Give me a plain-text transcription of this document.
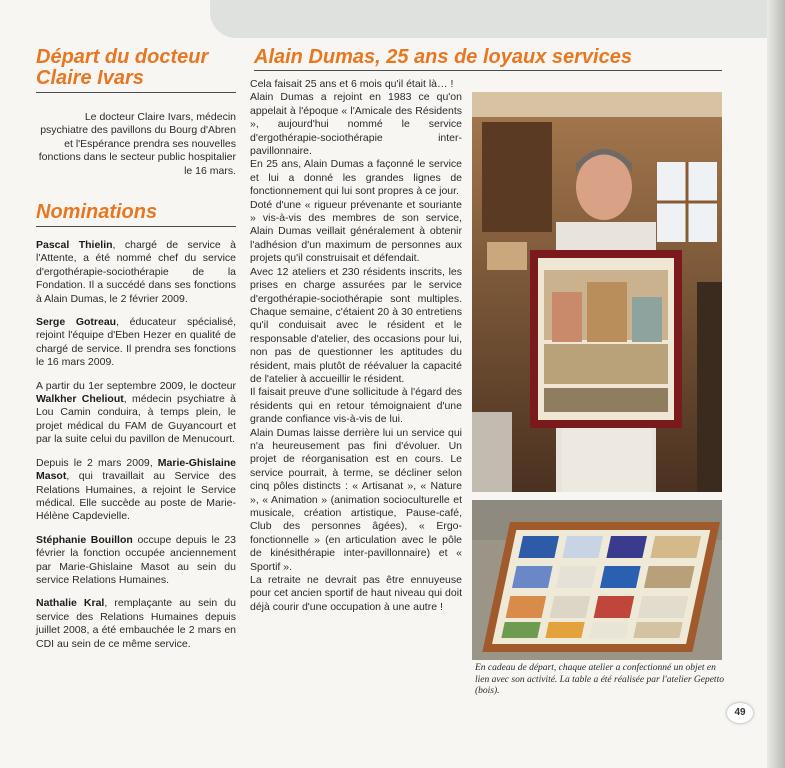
Départ du docteur Claire Ivars

Le docteur Claire Ivars, médecin psychiatre des pavillons du Bourg d'Abren et l'Espérance prendra ses nouvelles fonctions dans le secteur public hospitalier le 16 mars.

Nominations

Pascal Thielin, chargé de service à l'Attente, a été nommé chef du service d'ergothérapie-sociothérapie de la Fondation. Il a succédé dans ses fonctions à Alain Dumas, le 2 février 2009.

Serge Gotreau, éducateur spécialisé, rejoint l'équipe d'Eben Hezer en qualité de chargé de service. Il prendra ses fonctions le 16 mars 2009.

A partir du 1er septembre 2009, le docteur Walkher Cheliout, médecin psychiatre à Lou Camin conduira, à temps plein, le projet médical du FAM de Guyancourt et par la suite celui du pavillon de Menucourt.

Depuis le 2 mars 2009, Marie-Ghislaine Masot, qui travaillait au Service des Relations Humaines, a rejoint le Service médical. Elle succède au poste de Marie-Hélène Capdevielle.

Stéphanie Bouillon occupe depuis le 23 février la fonction occupée anciennement par Marie-Ghislaine Masot au sein du service Relations Humaines.

Nathalie Kral, remplaçante au sein du service des Relations Humaines depuis juillet 2008, a été embauchée le 2 mars en CDI au sein de ce même service.

Alain Dumas, 25 ans de loyaux services

Cela faisait 25 ans et 6 mois qu'il était là… !

Alain Dumas a rejoint en 1983 ce qu'on appelait à l'époque « l'Amicale des Résidents », aujourd'hui nommé le service d'ergothérapie-sociothérapie inter-pavillonnaire.

En 25 ans, Alain Dumas a façonné le service et lui a donné les grandes lignes de fonctionnement qui lui sont propres à ce jour.

Doté d'une « rigueur prévenante et souriante » vis-à-vis des membres de son service, Alain Dumas veillait généralement à obtenir l'adhésion d'un maximum de personnes aux projets qu'il construisait et défendait.

Avec 12 ateliers et 230 résidents inscrits, les prises en charge assurées par le service d'ergothérapie-sociothérapie sont multiples. Chaque semaine, c'étaient 20 à 30 entretiens qu'il conduisait avec le résident et le responsable d'atelier, des occasions pour lui, non pas de questionner les aptitudes du résident, mais plutôt de réévaluer la capacité de l'atelier à accueillir le résident.

Il faisait preuve d'une sollicitude à l'égard des résidents qui en retour témoignaient d'une grande confiance vis-à-vis de lui.

Alain Dumas laisse derrière lui un service qui n'a heureusement pas fini d'évoluer. Un projet de réorganisation est en cours. Le service pourrait, à terme, se décliner selon cinq pôles distincts : « Artisanat », « Nature », « Animation » (animation socioculturelle et musicale, création artistique, Pause-café, Club des personnes âgées), « Ergo-fonctionnelle » (en articulation avec le pôle de kinésithérapie inter-pavillonnaire) et « Sportif ».

La retraite ne devrait pas être ennuyeuse pour cet ancien sportif de haut niveau qui doit déjà courir d'une occupation à une autre !

En cadeau de départ, chaque atelier a confectionné un objet en lien avec son activité. La table a été réalisée par l'atelier Gepetto (bois).

49
